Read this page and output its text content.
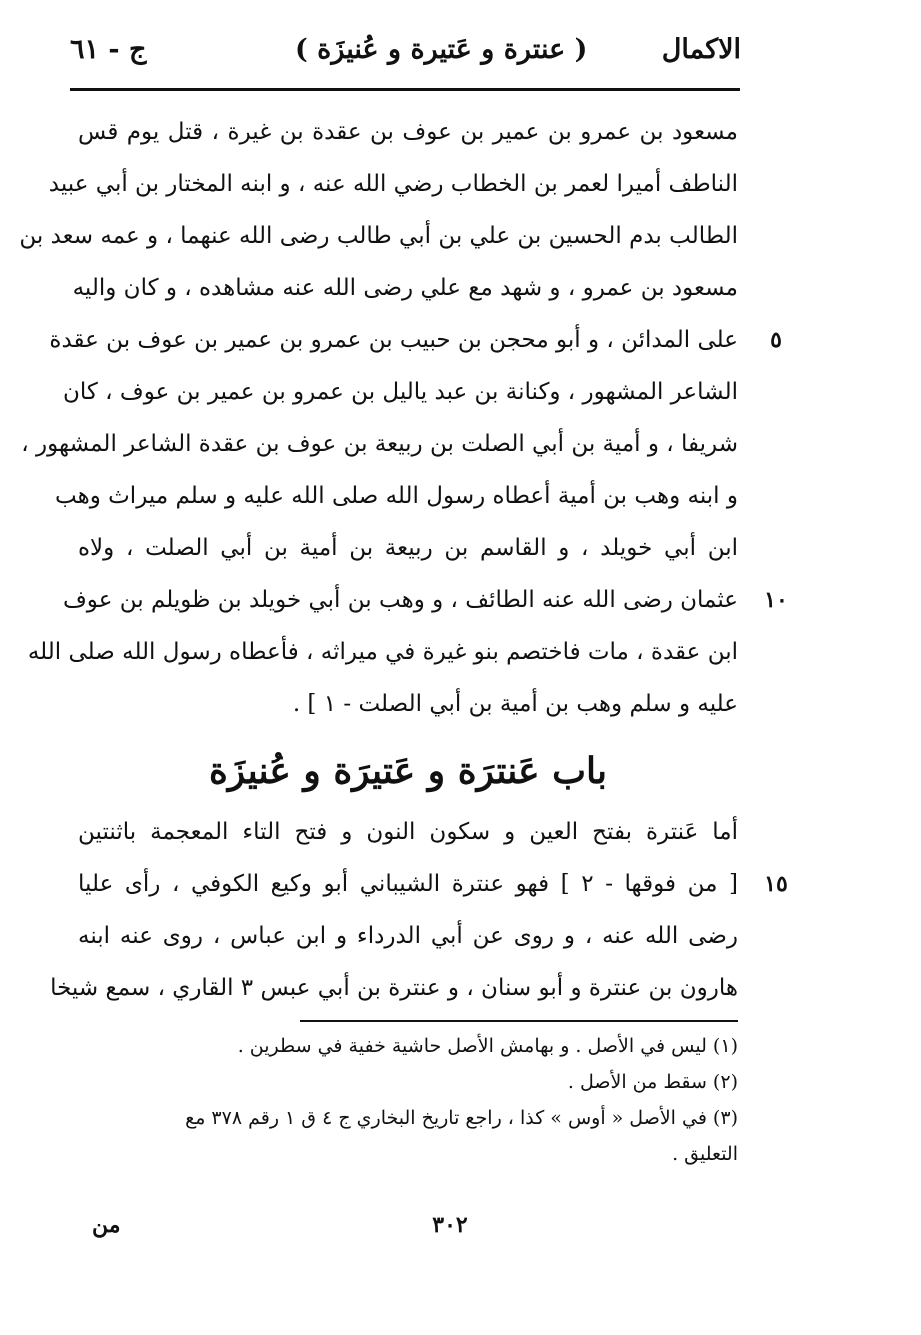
الاكمال
( عنترة و عَتيرة و عُنيزَة )
ج - ٦١
مسعود بن عمرو بن عمير بن عوف بن عقدة بن غيرة ، قتل يوم قس
الناطف أميرا لعمر بن الخطاب رضي الله عنه ، و ابنه المختار بن أبي عبيد
الطالب بدم الحسين بن علي بن أبي طالب رضى الله عنهما ، و عمه سعد بن
مسعود بن عمرو ، و شهد مع علي رضى الله عنه مشاهده ، و كان واليه
على المدائن ، و أبو محجن بن حبيب بن عمرو بن عمير بن عوف بن عقدة
الشاعر المشهور ، وكنانة بن عبد ياليل بن عمرو بن عمير بن عوف ، كان
شريفا ، و أمية بن أبي الصلت بن ربيعة بن عوف بن عقدة الشاعر المشهور ،
و ابنه وهب بن أمية أعطاه رسول الله صلى الله عليه و سلم ميراث وهب
ابن أبي خويلد ، و القاسم بن ربيعة بن أمية بن أبي الصلت ، ولاه
عثمان رضى الله عنه الطائف ، و وهب بن أبي خويلد بن ظويلم بن عوف
ابن عقدة ، مات فاختصم بنو غيرة في ميراثه ، فأعطاه رسول الله صلى الله
عليه و سلم وهب بن أمية بن أبي الصلت - ١ ] .
٥
١٠
باب عَنترَة و عَتيرَة و عُنيزَة
أما عَنترة بفتح العين و سكون النون و فتح التاء المعجمة باثنتين
[ من فوقها - ٢ ] فهو عنترة الشيباني أبو وكيع الكوفي ، رأى عليا
رضى الله عنه ، و روى عن أبي الدرداء و ابن عباس ، روى عنه ابنه
هارون بن عنترة و أبو سنان ، و عنترة بن أبي عبس ٣ القاري ، سمع شيخا
١٥
(١) ليس في الأصل . و بهامش الأصل حاشية خفية في سطرين .
(٢) سقط من الأصل .
(٣) في الأصل « أوس » كذا ، راجع تاريخ البخاري ج ٤ ق ١ رقم ٣٧٨ مع
التعليق .
٣٠٢
من
